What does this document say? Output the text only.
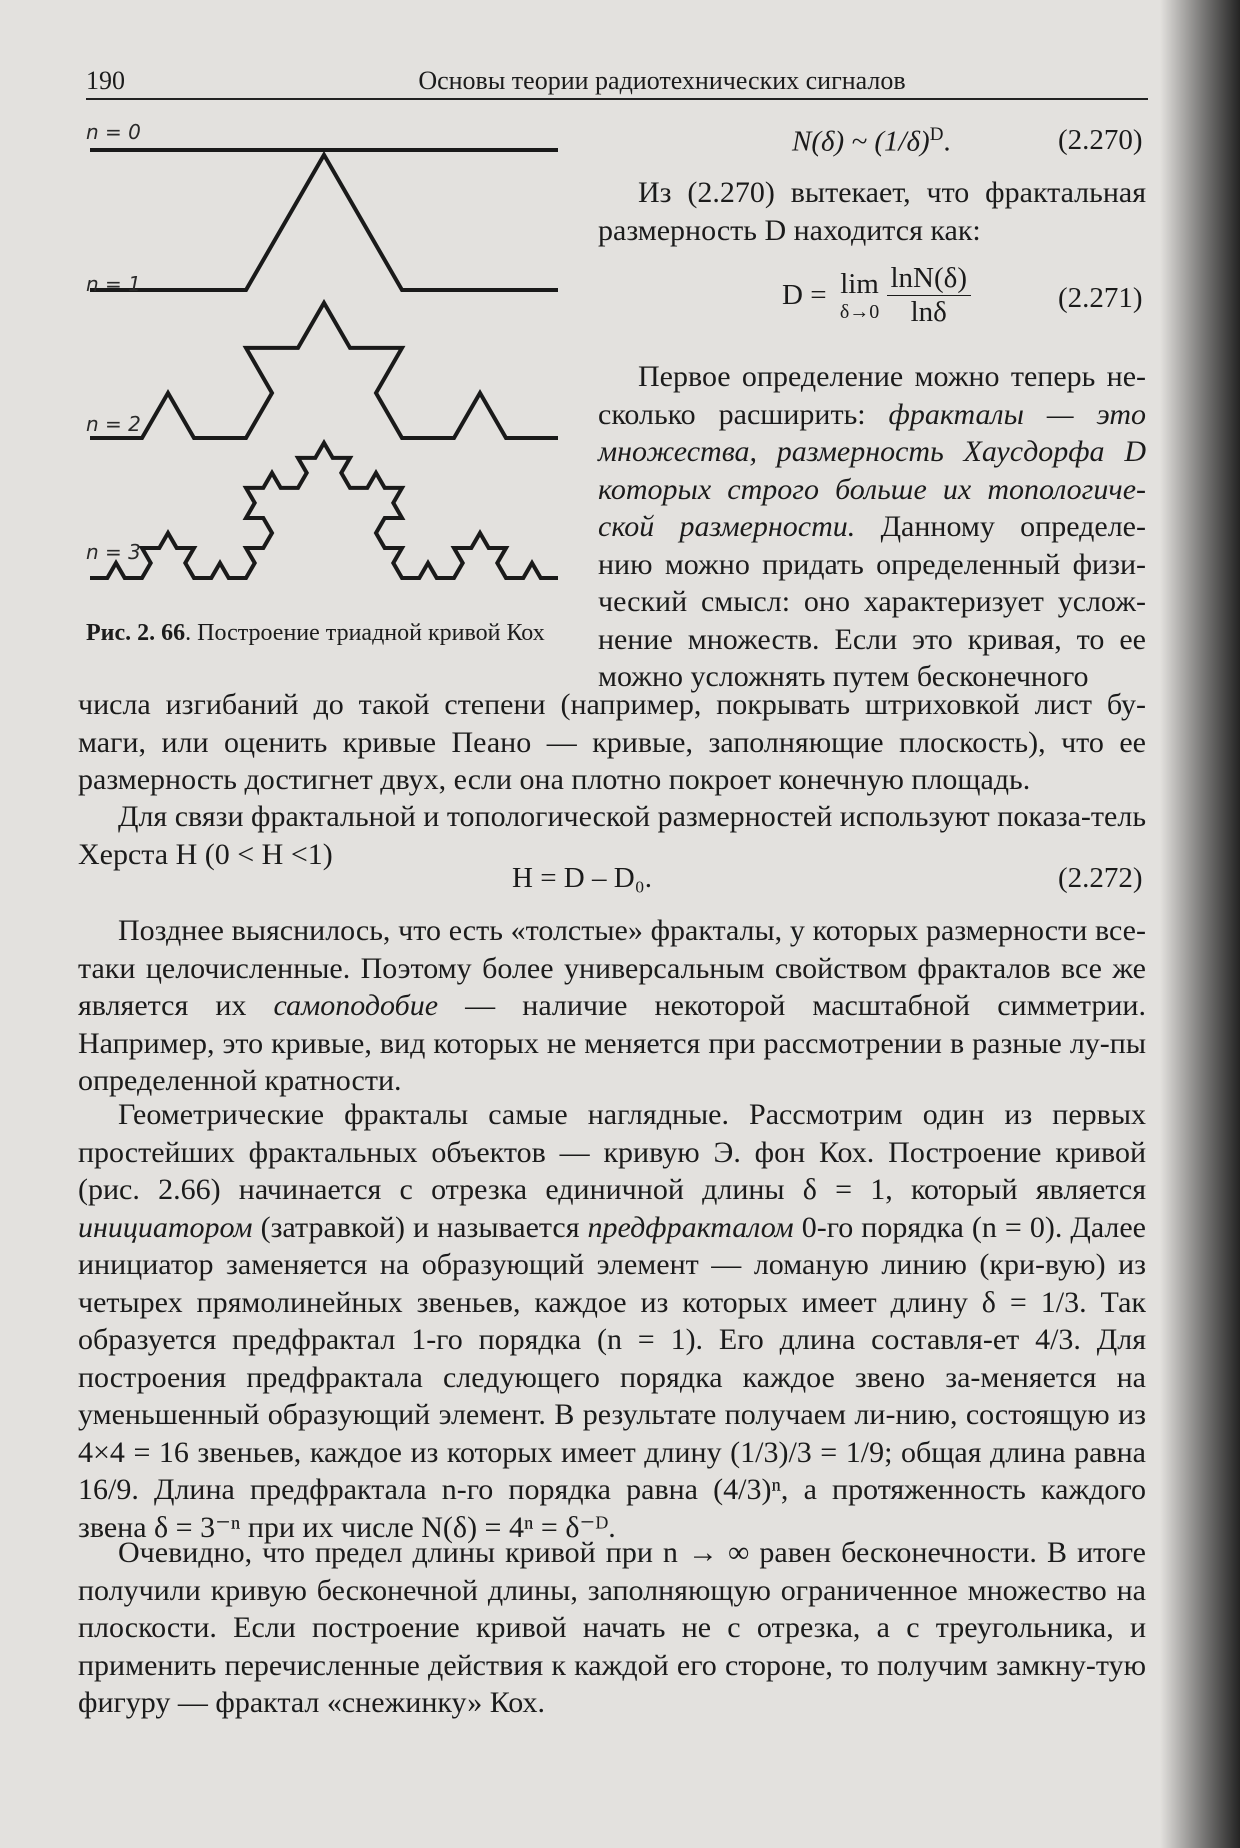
190	Основы теории радиотехнических сигналов
n = 0
n = 1
n = 2
n = 3
Рис. 2. 66. Построение триадной кривой Кох
N(δ) ~ $(1/\delta)^D$.	(2.270)
Из (2.270) вытекает, что фрактальная размерность D находится как:
D = lim
δ→0
$\frac{\ln N(\delta)}{\ln\delta}$	(2.271)
Первое определение можно теперь не-сколько расширить: фракталы — это множества, размерность Хаусдорфа D которых строго больше их топологиче-ской размерности. Данному определе-нию можно придать определенный физи-ческий смысл: оно характеризует услож-нение множеств. Если это кривая, то ее можно усложнять путем бесконечного
числа изгибаний до такой степени (например, покрывать штриховкой лист бу-маги, или оценить кривые Пеано — кривые, заполняющие плоскость), что ее размерность достигнет двух, если она плотно покроет конечную площадь.
Для связи фрактальной и топологической размерностей используют показа-тель Херста H (0 < H <1)
H = D – D₀.	(2.272)
Позднее выяснилось, что есть «толстые» фракталы, у которых размерности все-таки целочисленные. Поэтому более универсальным свойством фракталов все же является их самоподобие — наличие некоторой масштабной симметрии. Например, это кривые, вид которых не меняется при рассмотрении в разные лу-пы определенной кратности.
Геометрические фракталы самые наглядные. Рассмотрим один из первых простейших фрактальных объектов — кривую Э. фон Кох. Построение кривой (рис. 2.66) начинается с отрезка единичной длины δ = 1, который является инициатором (затравкой) и называется предфракталом 0-го порядка (n = 0). Далее инициатор заменяется на образующий элемент — ломаную линию (кри-вую) из четырех прямолинейных звеньев, каждое из которых имеет длину δ = 1/3. Так образуется предфрактал 1-го порядка (n = 1). Его длина составля-ет 4/3. Для построения предфрактала следующего порядка каждое звено за-меняется на уменьшенный образующий элемент. В результате получаем ли-нию, состоящую из 4×4 = 16 звеньев, каждое из которых имеет длину (1/3)/3 = 1/9; общая длина равна 16/9. Длина предфрактала n-го порядка равна (4/3)ⁿ, а протяженность каждого звена δ = 3⁻ⁿ при их числе N(δ) = 4ⁿ = δ⁻ᴰ.
Очевидно, что предел длины кривой при n → ∞ равен бесконечности. В итоге получили кривую бесконечной длины, заполняющую ограниченное множество на плоскости. Если построение кривой начать не с отрезка, а с треугольника, и применить перечисленные действия к каждой его стороне, то получим замкну-тую фигуру — фрактал «снежинку» Кох.
